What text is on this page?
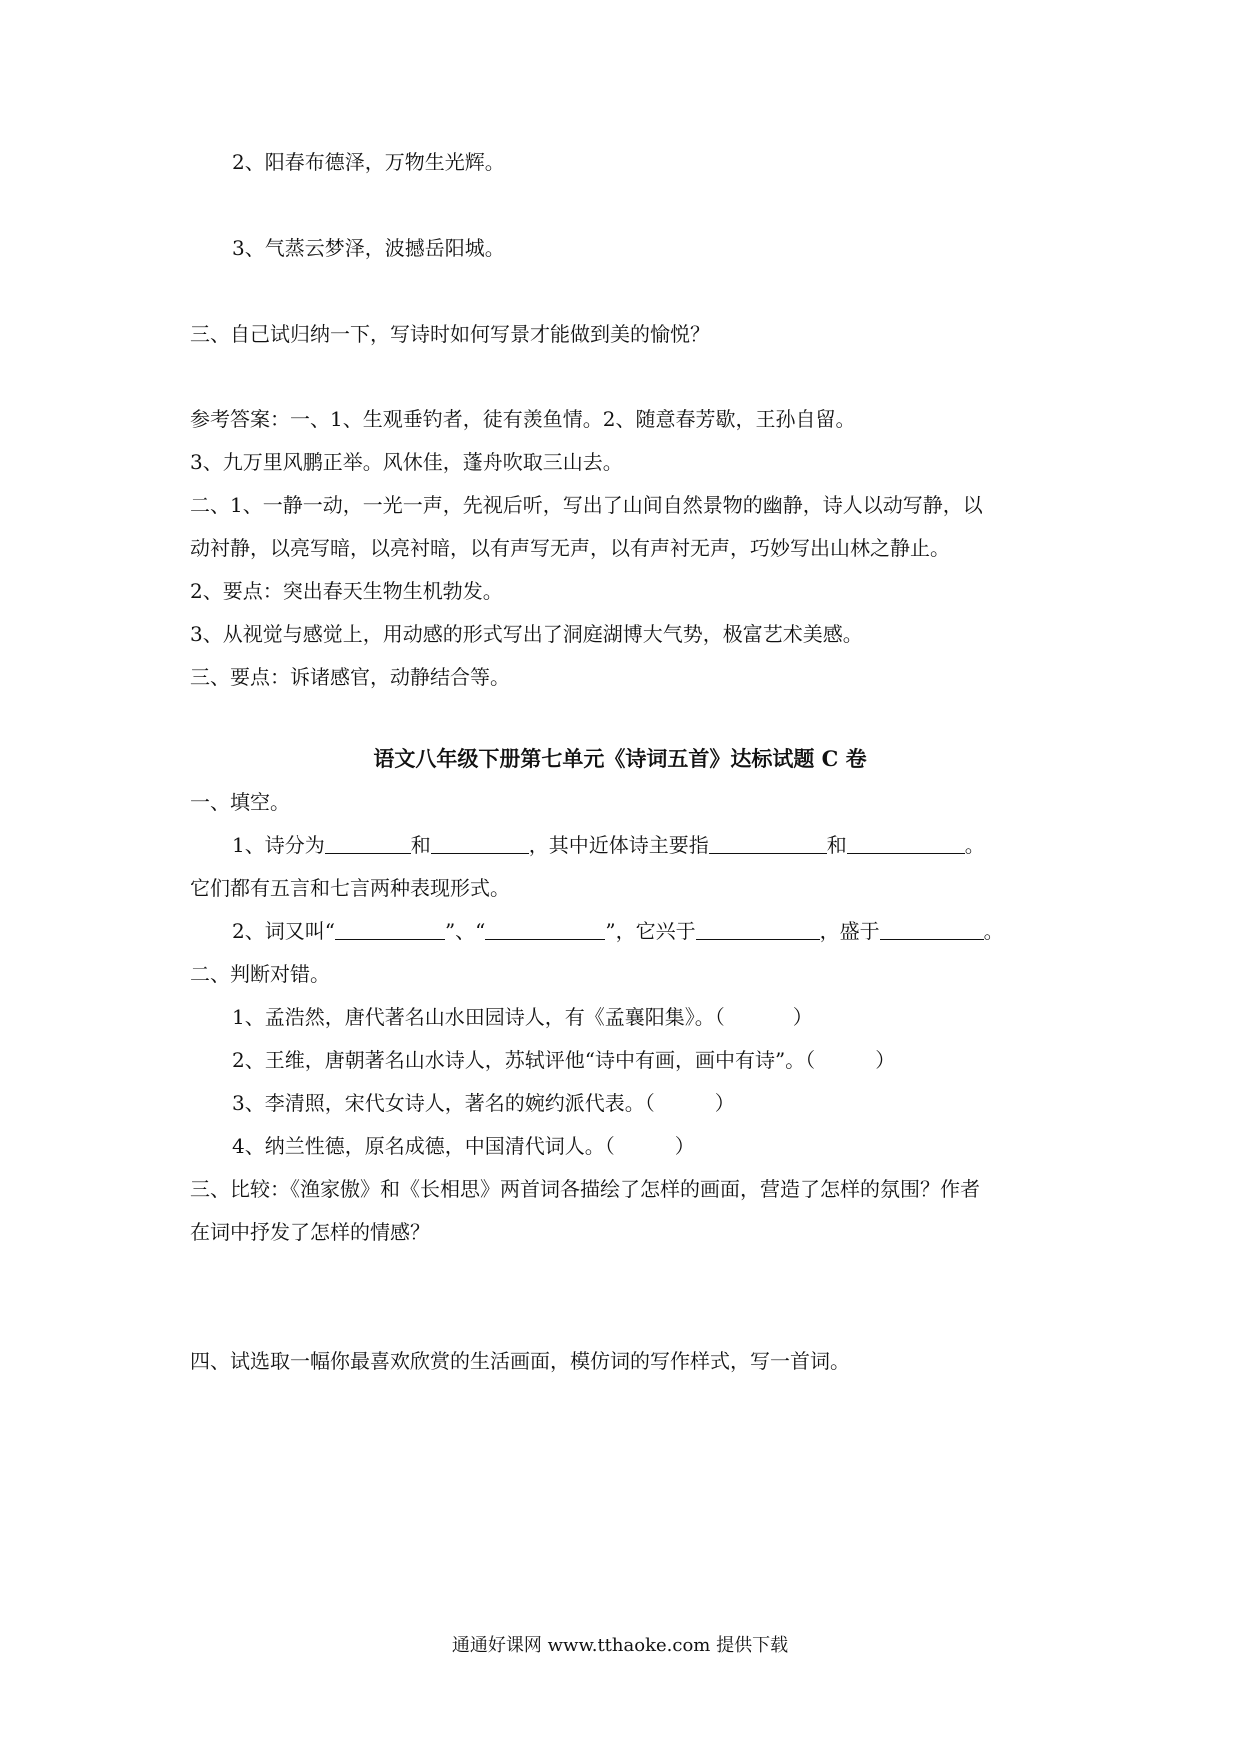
2、阳春布德泽，万物生光辉。
3、气蒸云梦泽，波撼岳阳城。
三、自己试归纳一下，写诗时如何写景才能做到美的愉悦？
参考答案：一、1、生观垂钓者，徒有羡鱼情。2、随意春芳歇，王孙自留。
3、九万里风鹏正举。风休佳，蓬舟吹取三山去。
二、1、一静一动，一光一声，先视后听，写出了山间自然景物的幽静，诗人以动写静，以
动衬静，以亮写暗，以亮衬暗，以有声写无声，以有声衬无声，巧妙写出山林之静止。
2、要点：突出春天生物生机勃发。
3、从视觉与感觉上，用动感的形式写出了洞庭湖博大气势，极富艺术美感。
三、要点：诉诸感官，动静结合等。
语文八年级下册第七单元《诗词五首》达标试题 C 卷
一、填空。
1、诗分为	和	，其中近体诗主要指	和	。
它们都有五言和七言两种表现形式。
2、词又叫“	”、“	”，它兴于	，盛于	。
二、判断对错。
1、孟浩然，唐代著名山水田园诗人，有《孟襄阳集》。（	）
2、王维，唐朝著名山水诗人，苏轼评他“诗中有画，画中有诗”。（	）
3、李清照，宋代女诗人，著名的婉约派代表。（	）
4、纳兰性德，原名成德，中国清代词人。（	）
三、比较：《渔家傲》和《长相思》两首词各描绘了怎样的画面，营造了怎样的氛围？作者
在词中抒发了怎样的情感？
四、试选取一幅你最喜欢欣赏的生活画面，模仿词的写作样式，写一首词。
通通好课网 www.tthaoke.com 提供下载
